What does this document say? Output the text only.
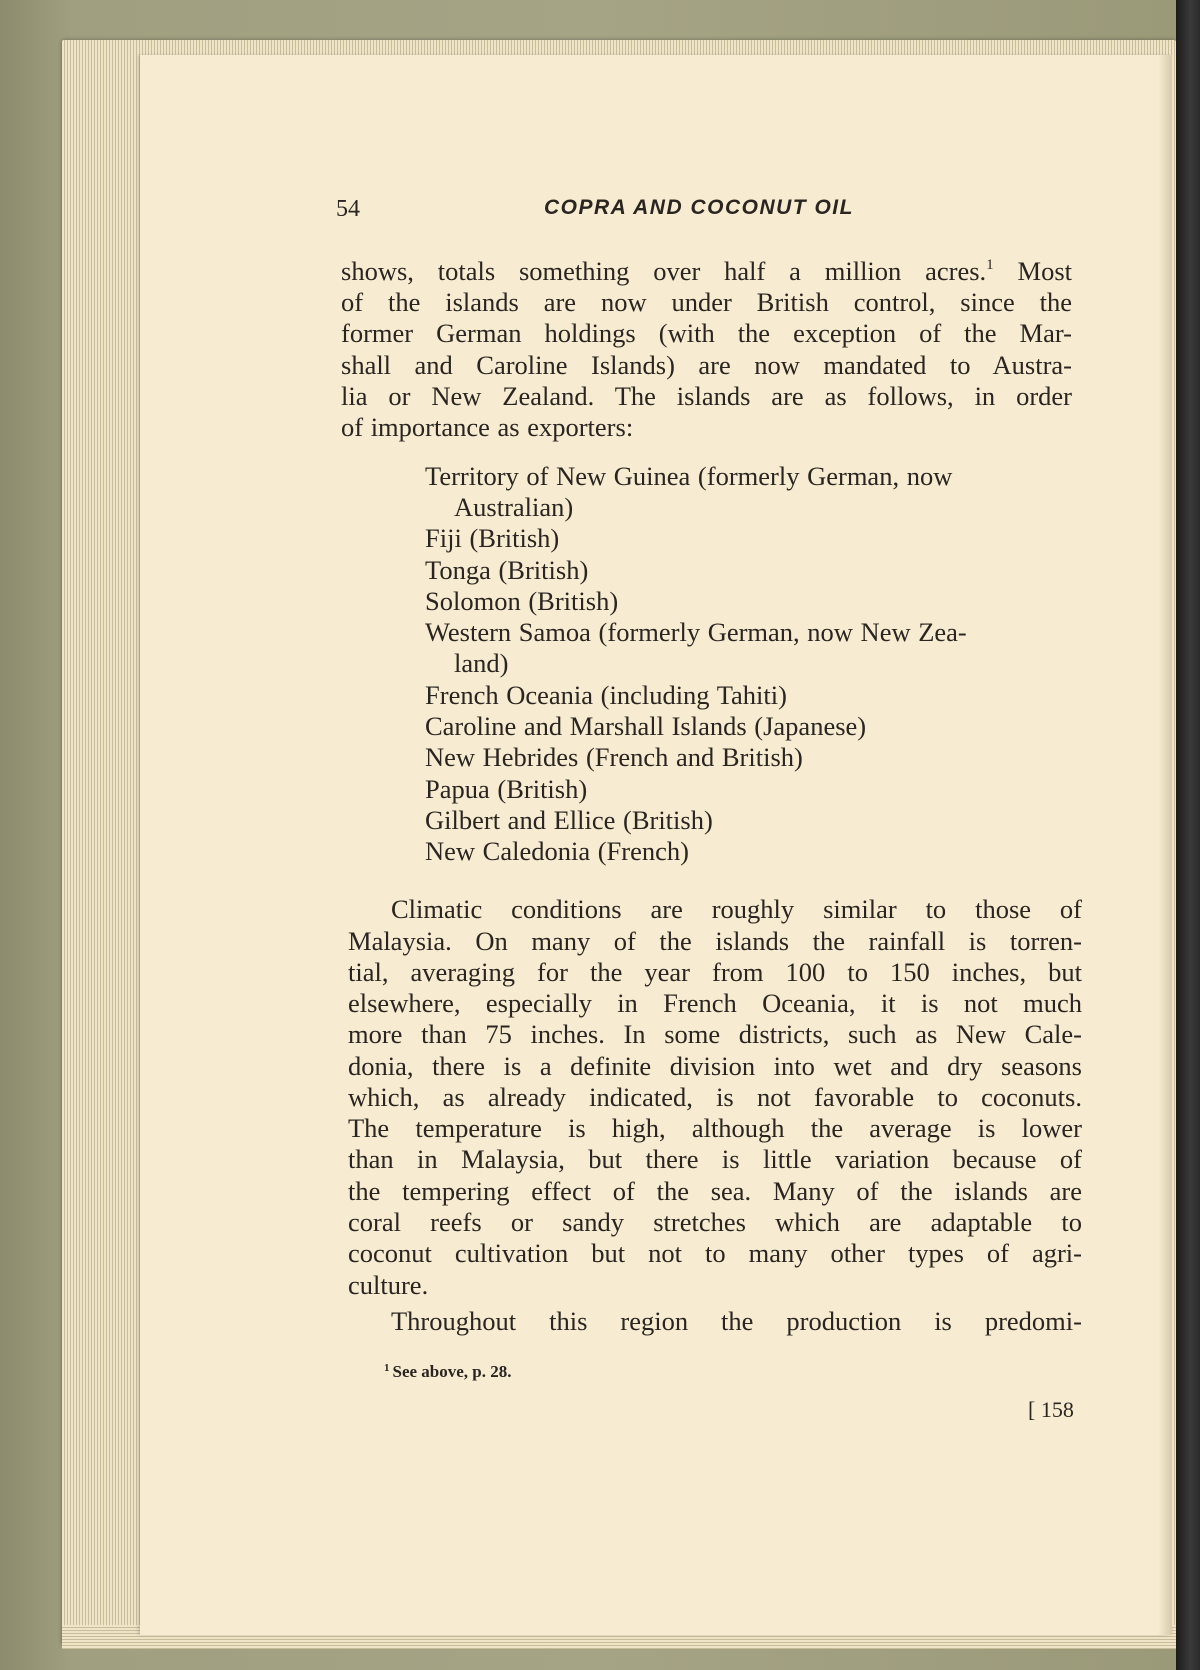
54	COPRA AND COCONUT OIL
shows, totals something over half a million acres.$^1$ Most
of the islands are now under British control, since the
former German holdings (with the exception of the Mar-
shall and Caroline Islands) are now mandated to Austra-
lia or New Zealand. The islands are as follows, in order
of importance as exporters:
Territory of New Guinea (formerly German, now
Australian)
Fiji (British)
Tonga (British)
Solomon (British)
Western Samoa (formerly German, now New Zea-
land)
French Oceania (including Tahiti)
Caroline and Marshall Islands (Japanese)
New Hebrides (French and British)
Papua (British)
Gilbert and Ellice (British)
New Caledonia (French)
Climatic conditions are roughly similar to those of
Malaysia. On many of the islands the rainfall is torren-
tial, averaging for the year from 100 to 150 inches, but
elsewhere, especially in French Oceania, it is not much
more than 75 inches. In some districts, such as New Cale-
donia, there is a definite division into wet and dry seasons
which, as already indicated, is not favorable to coconuts.
The temperature is high, although the average is lower
than in Malaysia, but there is little variation because of
the tempering effect of the sea. Many of the islands are
coral reefs or sandy stretches which are adaptable to
coconut cultivation but not to many other types of agri-
culture.
Throughout this region the production is predomi-
$^1$ See above, p. 28.
[ 158
